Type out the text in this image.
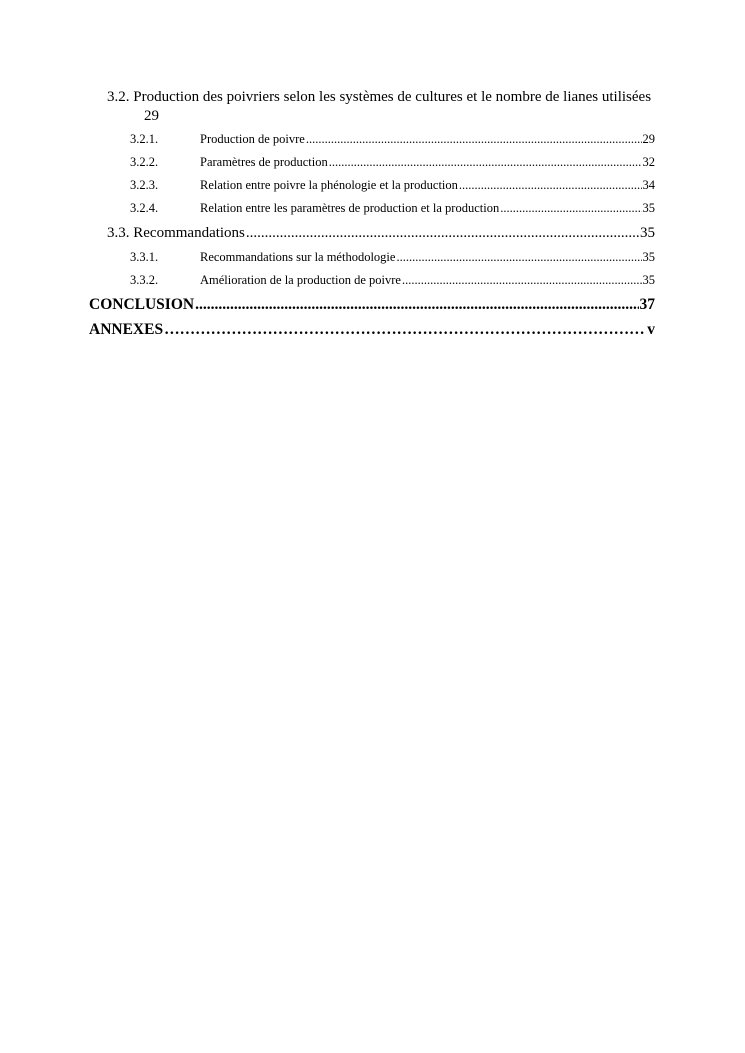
3.2. Production des poivriers selon les systèmes de cultures et le nombre de lianes utilisées
29
3.2.1.	Production de poivre .....	29
3.2.2.	Paramètres de production .....	32
3.2.3.	Relation entre poivre la phénologie et la production .....	34
3.2.4.	Relation entre les paramètres de production et la production .....	35
3.3. Recommandations .....	35
3.3.1.	Recommandations sur la méthodologie .....	35
3.3.2.	Amélioration de la production de poivre .....	35
CONCLUSION .....	37
ANNEXES …………………………………………………………………………………………………………………………………………………	v
